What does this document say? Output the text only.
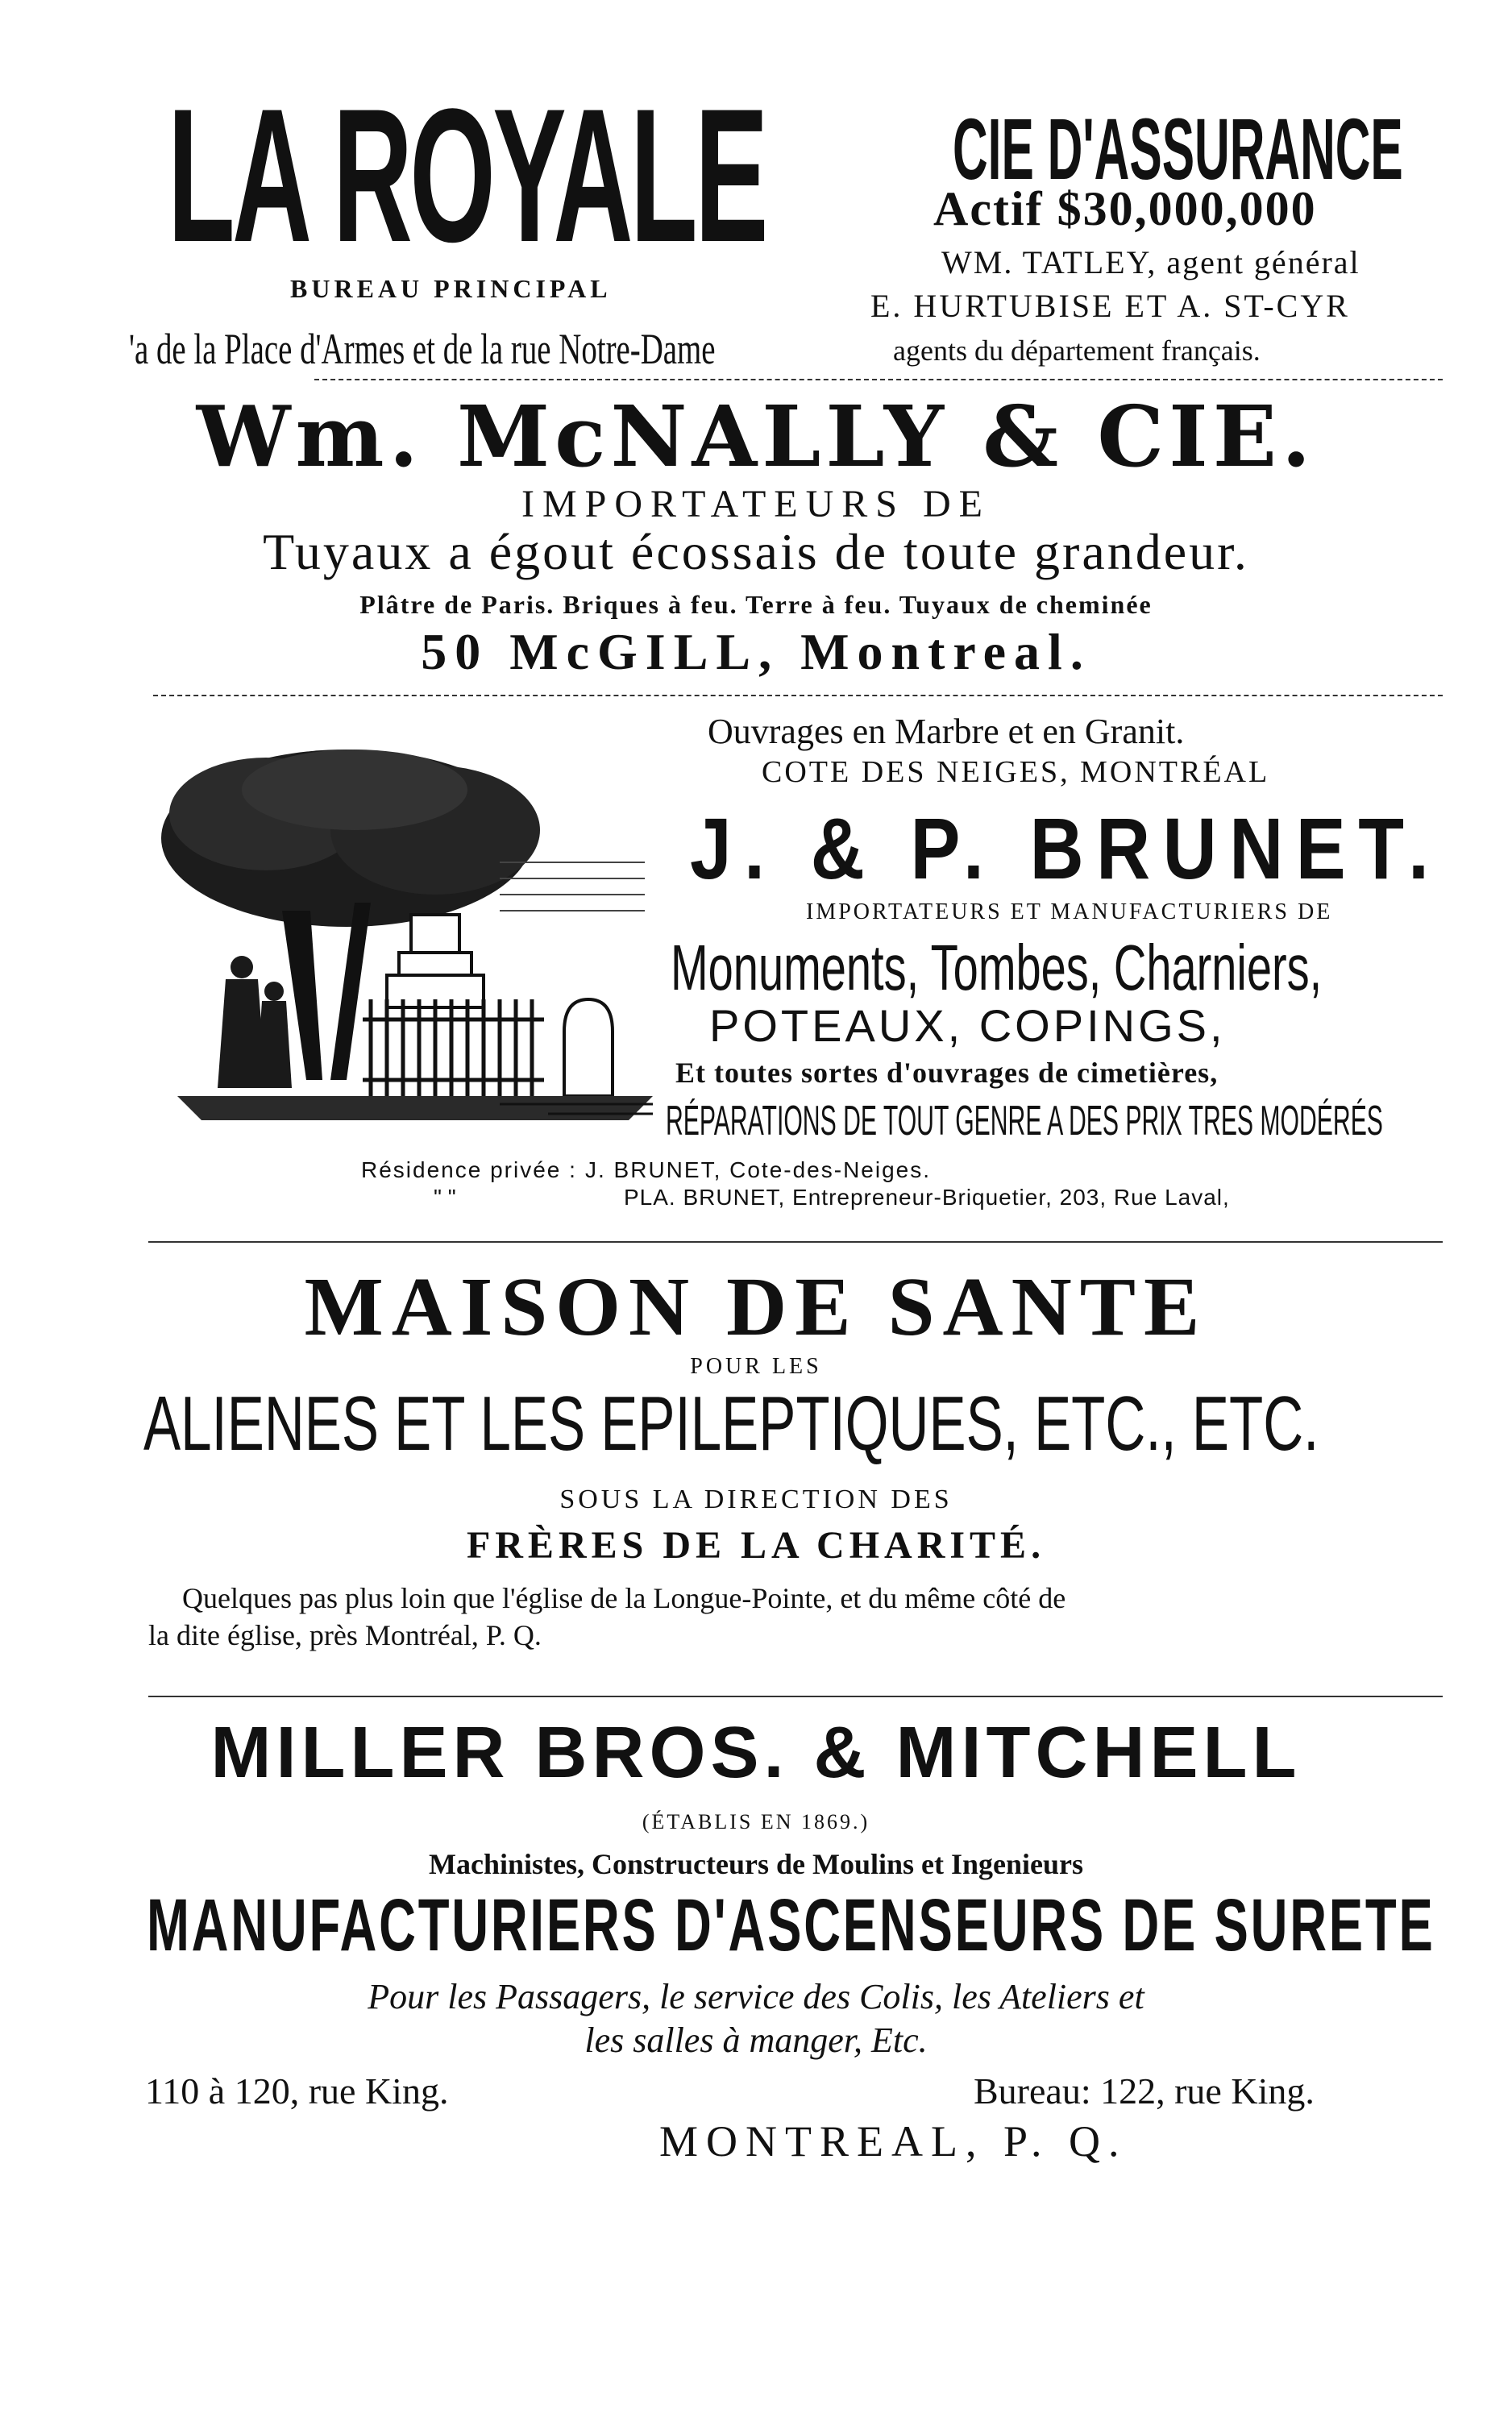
LA ROYALE CIE D'ASSURANCE
Actif $30,000,000
WM. TATLEY, agent général
E. HURTUBISE ET A. ST-CYR
agents du département français.
BUREAU PRINCIPAL
'a de la Place d'Armes et de la rue Notre-Dame
Wm. McNALLY & CIE.
IMPORTATEURS DE
Tuyaux a égout écossais de toute grandeur.
Plâtre de Paris. Briques à feu. Terre à feu. Tuyaux de cheminée
50 McGILL, Montreal.
Ouvrages en Marbre et en Granit.
COTE DES NEIGES, MONTRÉAL
J. & P. BRUNET.
IMPORTATEURS ET MANUFACTURIERS DE
Monuments, Tombes, Charniers,
POTEAUX, COPINGS,
Et toutes sortes d'ouvrages de cimetières,
RÉPARATIONS DE TOUT GENRE A DES PRIX TRES MODÉRÉS
Résidence privée : J. BRUNET, Cote-des-Neiges.
" "	PLA. BRUNET, Entrepreneur-Briquetier, 203, Rue Laval,
MAISON DE SANTE
POUR LES
ALIENES ET LES EPILEPTIQUES, ETC., ETC.
SOUS LA DIRECTION DES
FRÈRES DE LA CHARITÉ.
Quelques pas plus loin que l'église de la Longue-Pointe, et du même côté de
la dite église, près Montréal, P. Q.
MILLER BROS. & MITCHELL
(ÉTABLIS EN 1869.)
Machinistes, Constructeurs de Moulins et Ingenieurs
MANUFACTURIERS D'ASCENSEURS DE SURETE
Pour les Passagers, le service des Colis, les Ateliers et
les salles à manger, Etc.
110 à 120, rue King.	Bureau: 122, rue King.
MONTREAL, P. Q.
